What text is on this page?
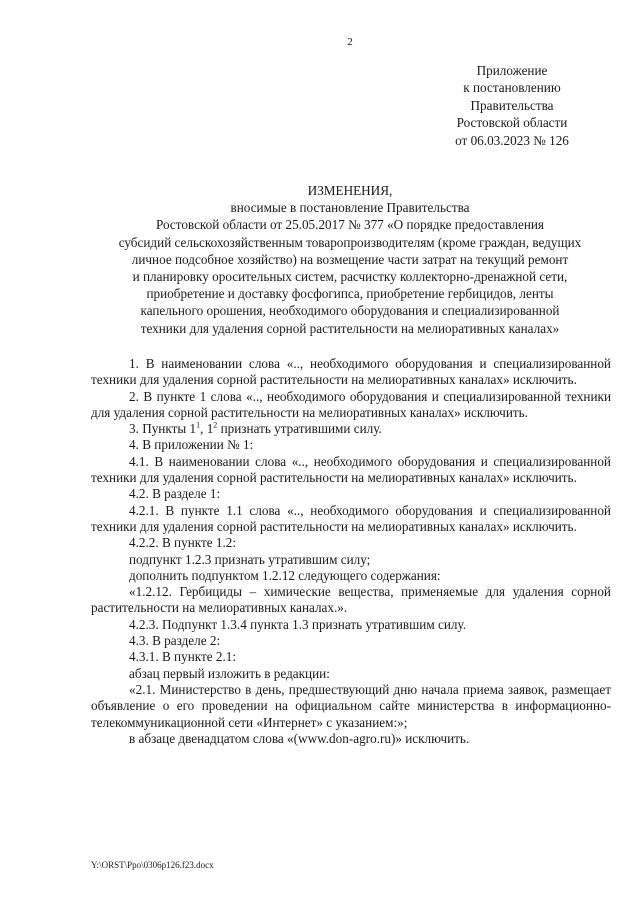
2
Приложение
к постановлению
Правительства
Ростовской области
от 06.03.2023 № 126
ИЗМЕНЕНИЯ,
вносимые в постановление Правительства
Ростовской области от 25.05.2017 № 377 «О порядке предоставления
субсидий сельскохозяйственным товаропроизводителям (кроме граждан, ведущих
личное подсобное хозяйство) на возмещение части затрат на текущий ремонт
и планировку оросительных систем, расчистку коллекторно-дренажной сети,
приобретение и доставку фосфогипса, приобретение гербицидов, ленты
капельного орошения, необходимого оборудования и специализированной
техники для удаления сорной растительности на мелиоративных каналах»
1. В наименовании слова «.., необходимого оборудования и специализированной техники для удаления сорной растительности на мелиоративных каналах» исключить.
2. В пункте 1 слова «.., необходимого оборудования и специализированной техники для удаления сорной растительности на мелиоративных каналах» исключить.
3. Пункты $1^1$, $1^2$ признать утратившими силу.
4. В приложении № 1:
4.1. В наименовании слова «.., необходимого оборудования и специализированной техники для удаления сорной растительности на мелиоративных каналах» исключить.
4.2. В разделе 1:
4.2.1. В пункте 1.1 слова «.., необходимого оборудования и специализированной техники для удаления сорной растительности на мелиоративных каналах» исключить.
4.2.2. В пункте 1.2:
подпункт 1.2.3 признать утратившим силу;
дополнить подпунктом 1.2.12 следующего содержания:
«1.2.12. Гербициды – химические вещества, применяемые для удаления сорной растительности на мелиоративных каналах.».
4.2.3. Подпункт 1.3.4 пункта 1.3 признать утратившим силу.
4.3. В разделе 2:
4.3.1. В пункте 2.1:
абзац первый изложить в редакции:
«2.1. Министерство в день, предшествующий дню начала приема заявок, размещает объявление о его проведении на официальном сайте министерства в информационно-телекоммуникационной сети «Интернет» с указанием:»;
в абзаце двенадцатом слова «(www.don-agro.ru)» исключить.
Y:\ORST\Ppo\0306p126.f23.docx
